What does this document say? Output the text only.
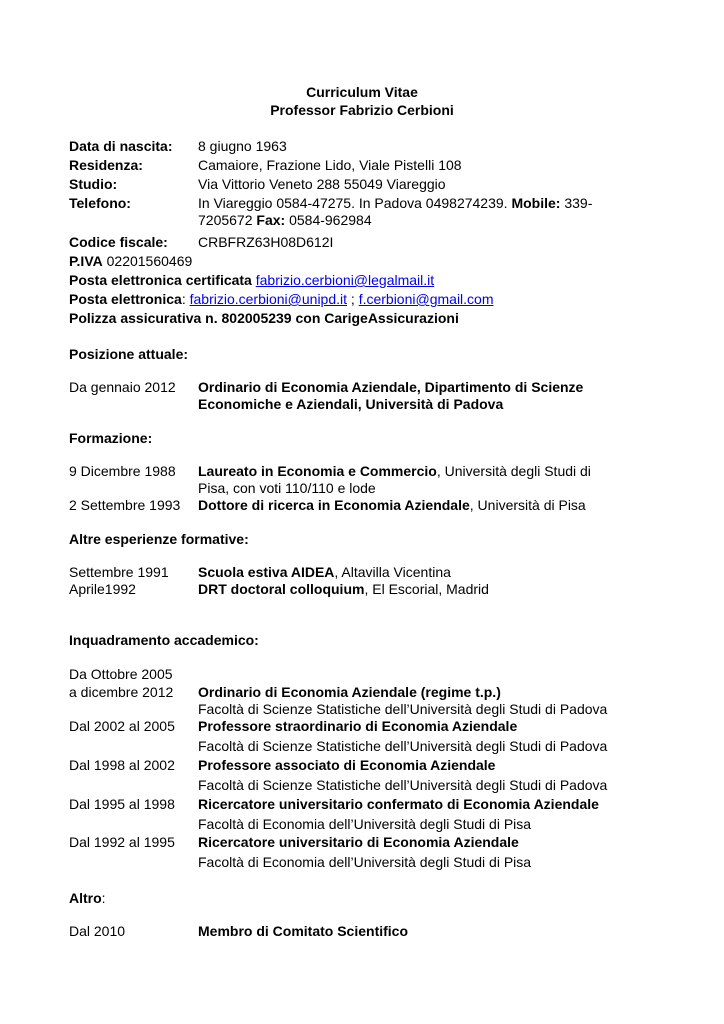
Curriculum Vitae
Professor Fabrizio Cerbioni
Data di nascita: 8 giugno 1963
Residenza:	Camaiore, Frazione Lido, Viale Pistelli 108
Studio:	Via Vittorio Veneto 288 55049 Viareggio
Telefono:	In Viareggio 0584-47275. In Padova 0498274239. Mobile: 339-7205672 Fax: 0584-962984
Codice fiscale: CRBFRZ63H08D612I
P.IVA 02201560469
Posta elettronica certificata fabrizio.cerbioni@legalmail.it
Posta elettronica: fabrizio.cerbioni@unipd.it ; f.cerbioni@gmail.com
Polizza assicurativa n. 802005239 con CarigeAssicurazioni
Posizione attuale:
Da gennaio 2012 Ordinario di Economia Aziendale, Dipartimento di Scienze Economiche e Aziendali, Università di Padova
Formazione:
9 Dicembre 1988 Laureato in Economia e Commercio, Università degli Studi di Pisa, con voti 110/110 e lode
2 Settembre 1993 Dottore di ricerca in Economia Aziendale, Università di Pisa
Altre esperienze formative:
Settembre 1991 Scuola estiva AIDEA, Altavilla Vicentina
Aprile1992	DRT doctoral colloquium, El Escorial, Madrid
Inquadramento accademico:
Da Ottobre 2005
a dicembre 2012 Ordinario di Economia Aziendale (regime t.p.)
Facoltà di Scienze Statistiche dell’Università degli Studi di Padova
Dal 2002 al 2005 Professore straordinario di Economia Aziendale
Facoltà di Scienze Statistiche dell’Università degli Studi di Padova
Dal 1998 al 2002 Professore associato di Economia Aziendale
Facoltà di Scienze Statistiche dell’Università degli Studi di Padova
Dal 1995 al 1998 Ricercatore universitario confermato di Economia Aziendale
Facoltà di Economia dell’Università degli Studi di Pisa
Dal 1992 al 1995 Ricercatore universitario di Economia Aziendale
Facoltà di Economia dell’Università degli Studi di Pisa
Altro:
Dal 2010	Membro di Comitato Scientifico
